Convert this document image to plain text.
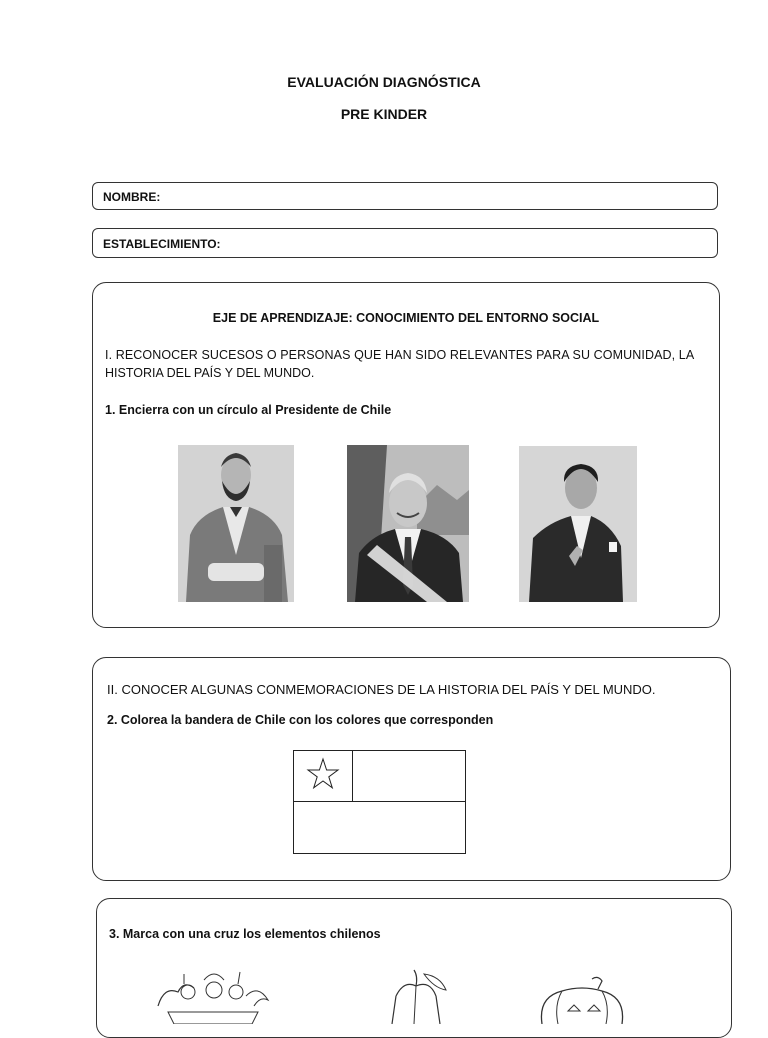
EVALUACIÓN DIAGNÓSTICA
PRE KINDER
NOMBRE:
ESTABLECIMIENTO:
EJE DE APRENDIZAJE: CONOCIMIENTO DEL ENTORNO SOCIAL
I. RECONOCER SUCESOS O PERSONAS QUE HAN SIDO RELEVANTES PARA SU COMUNIDAD, LA
HISTORIA DEL PAÍS Y DEL MUNDO.
1. Encierra con un círculo al Presidente de Chile
II. CONOCER ALGUNAS CONMEMORACIONES DE LA HISTORIA DEL PAÍS Y DEL MUNDO.
2. Colorea la bandera de Chile con los colores que corresponden
3. Marca con una cruz los elementos chilenos
